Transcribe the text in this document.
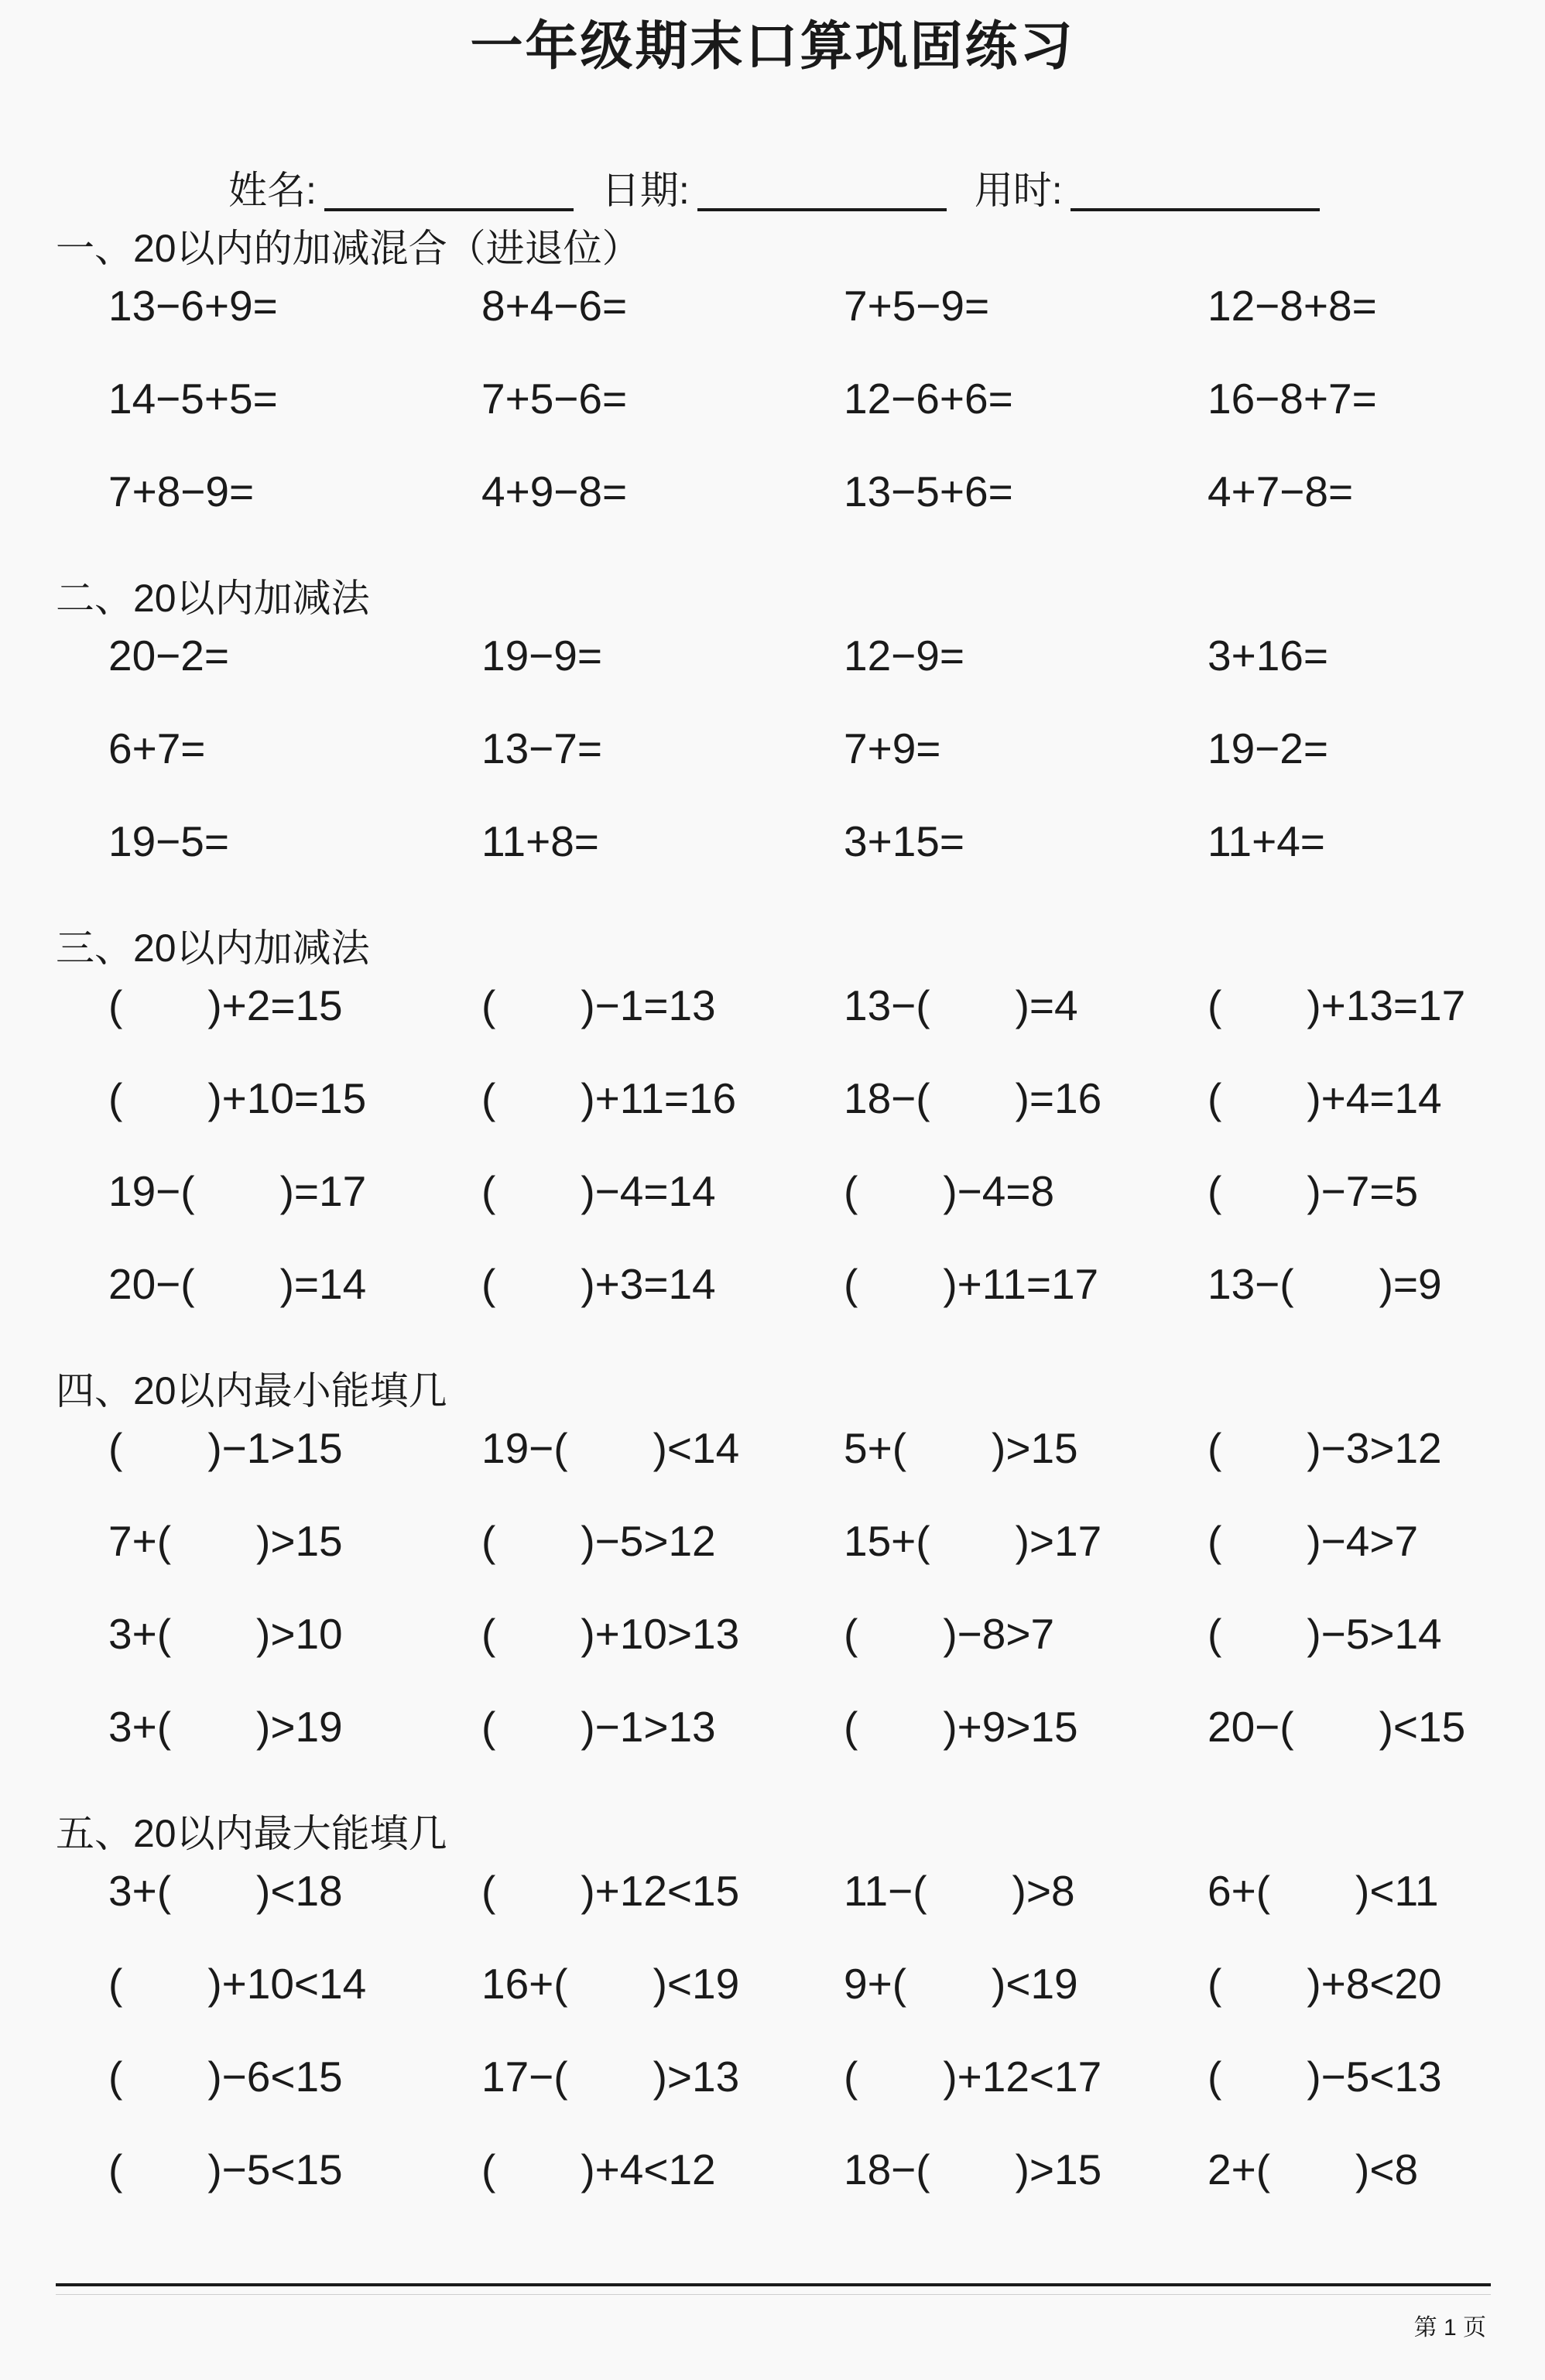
一年级期末口算巩固练习
姓名:	日期:	用时:
一、20以内的加减混合（进退位）
13−6+9=	8+4−6=	7+5−9=	12−8+8=
14−5+5=	7+5−6=	12−6+6=	16−8+7=
7+8−9=	4+9−8=	13−5+6=	4+7−8=
二、20以内加减法
20−2=	19−9=	12−9=	3+16=
6+7=	13−7=	7+9=	19−2=
19−5=	11+8=	3+15=	11+4=
三、20以内加减法
(　　)+2=15	(　　)−1=13	13−(　　)=4	(　　)+13=17
(　　)+10=15	(　　)+11=16	18−(　　)=16	(　　)+4=14
19−(　　)=17	(　　)−4=14	(　　)−4=8	(　　)−7=5
20−(　　)=14	(　　)+3=14	(　　)+11=17	13−(　　)=9
四、20以内最小能填几
(　　)−1>15	19−(　　)<14	5+(　　)>15	(　　)−3>12
7+(　　)>15	(　　)−5>12	15+(　　)>17	(　　)−4>7
3+(　　)>10	(　　)+10>13	(　　)−8>7	(　　)−5>14
3+(　　)>19	(　　)−1>13	(　　)+9>15	20−(　　)<15
五、20以内最大能填几
3+(　　)<18	(　　)+12<15	11−(　　)>8	6+(　　)<11
(　　)+10<14	16+(　　)<19	9+(　　)<19	(　　)+8<20
(　　)−6<15	17−(　　)>13	(　　)+12<17	(　　)−5<13
(　　)−5<15	(　　)+4<12	18−(　　)>15	2+(　　)<8
第 1 页
